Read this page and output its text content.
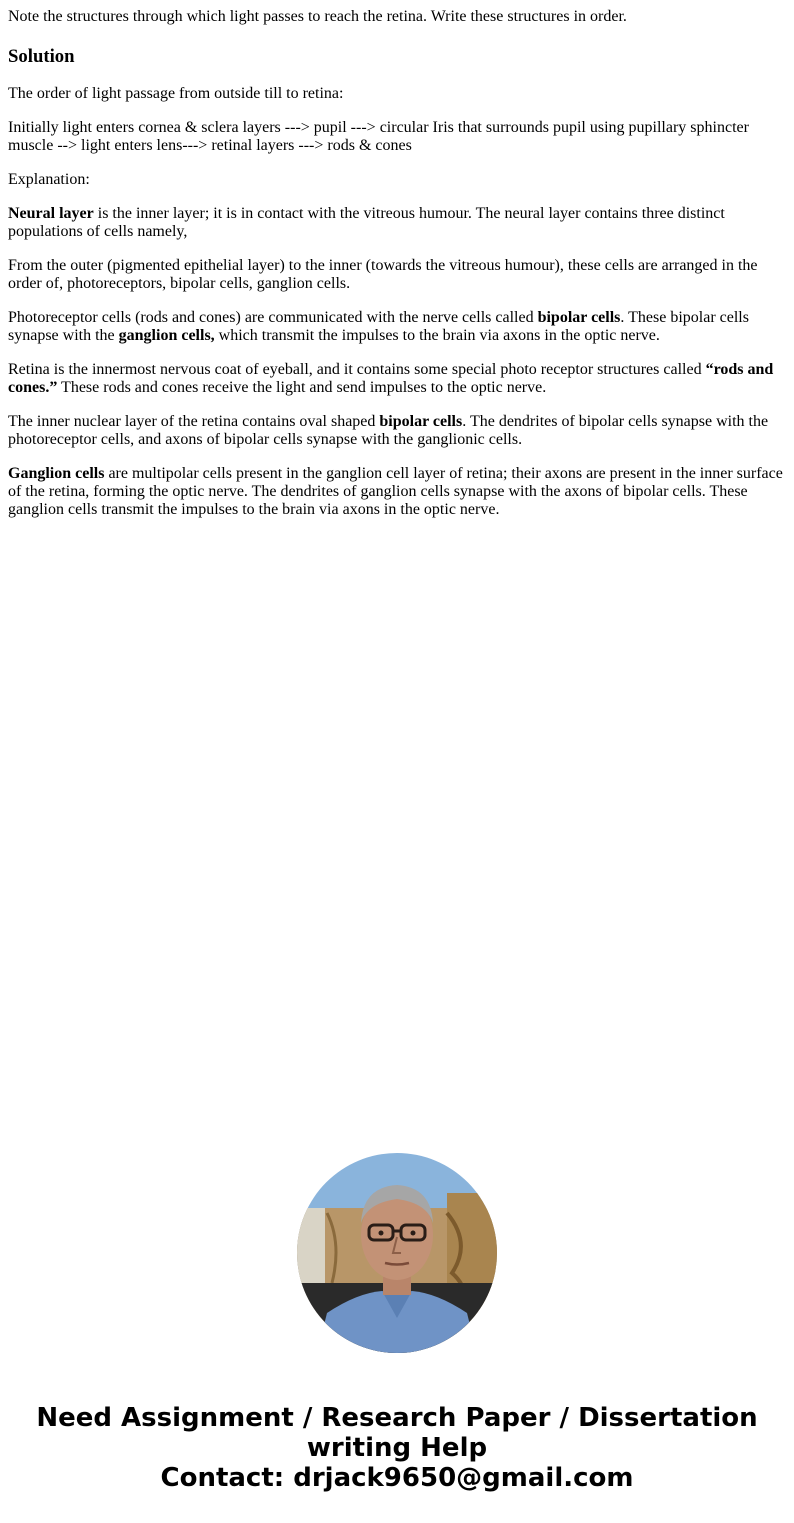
Note the structures through which light passes to reach the retina. Write these structures in order.

Solution

The order of light passage from outside till to retina:

Initially light enters cornea & sclera layers ---> pupil ---> circular Iris that surrounds pupil using pupillary sphincter muscle --> light enters lens---> retinal layers ---> rods & cones

Explanation:

Neural layer is the inner layer; it is in contact with the vitreous humour. The neural layer contains three distinct populations of cells namely,

From the outer (pigmented epithelial layer) to the inner (towards the vitreous humour), these cells are arranged in the order of, photoreceptors, bipolar cells, ganglion cells.

Photoreceptor cells (rods and cones) are communicated with the nerve cells called bipolar cells. These bipolar cells synapse with the ganglion cells, which transmit the impulses to the brain via axons in the optic nerve.

Retina is the innermost nervous coat of eyeball, and it contains some special photo receptor structures called “rods and cones.” These rods and cones receive the light and send impulses to the optic nerve.

The inner nuclear layer of the retina contains oval shaped bipolar cells. The dendrites of bipolar cells synapse with the photoreceptor cells, and axons of bipolar cells synapse with the ganglionic cells.

Ganglion cells are multipolar cells present in the ganglion cell layer of retina; their axons are present in the inner surface of the retina, forming the optic nerve. The dendrites of ganglion cells synapse with the axons of bipolar cells. These ganglion cells transmit the impulses to the brain via axons in the optic nerve.

Need Assignment / Research Paper / Dissertation
writing Help
Contact: drjack9650@gmail.com
